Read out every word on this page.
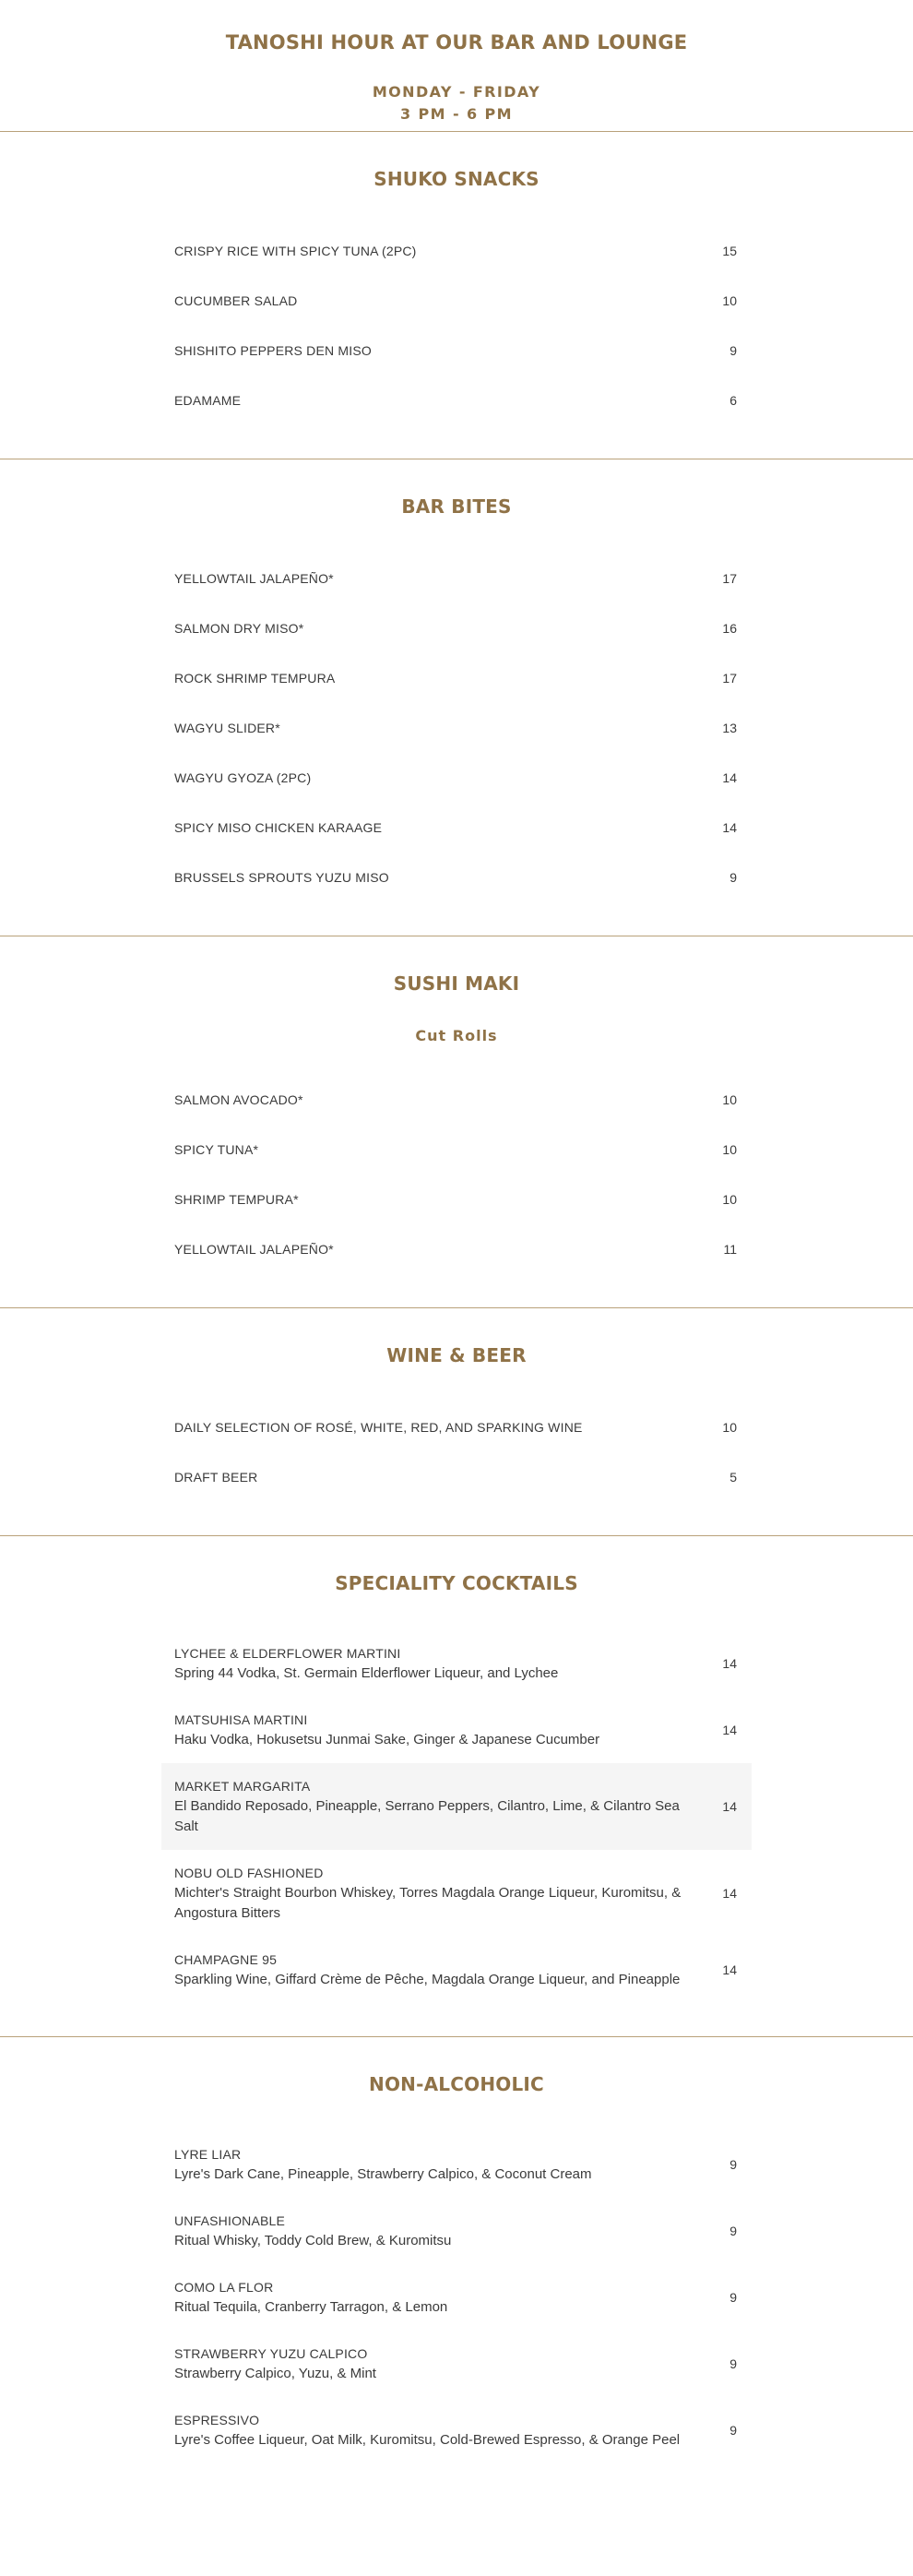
TANOSHI HOUR AT OUR BAR AND LOUNGE
MONDAY - FRIDAY
3 PM - 6 PM
SHUKO SNACKS
CRISPY RICE WITH SPICY TUNA (2PC)	15
CUCUMBER SALAD	10
SHISHITO PEPPERS DEN MISO	9
EDAMAME	6
BAR BITES
YELLOWTAIL JALAPEÑO*	17
SALMON DRY MISO*	16
ROCK SHRIMP TEMPURA	17
WAGYU SLIDER*	13
WAGYU GYOZA (2PC)	14
SPICY MISO CHICKEN KARAAGE	14
BRUSSELS SPROUTS YUZU MISO	9
SUSHI MAKI
Cut Rolls
SALMON AVOCADO*	10
SPICY TUNA*	10
SHRIMP TEMPURA*	10
YELLOWTAIL JALAPEÑO*	11
WINE & BEER
DAILY SELECTION OF ROSÉ, WHITE, RED, AND SPARKING WINE	10
DRAFT BEER	5
SPECIALITY COCKTAILS
LYCHEE & ELDERFLOWER MARTINI
Spring 44 Vodka, St. Germain Elderflower Liqueur, and Lychee
14
MATSUHISA MARTINI
Haku Vodka, Hokusetsu Junmai Sake, Ginger & Japanese Cucumber
14
MARKET MARGARITA
El Bandido Reposado, Pineapple, Serrano Peppers, Cilantro, Lime, & Cilantro Sea Salt
14
NOBU OLD FASHIONED
Michter's Straight Bourbon Whiskey, Torres Magdala Orange Liqueur, Kuromitsu, & Angostura Bitters
14
CHAMPAGNE 95
Sparkling Wine, Giffard Crème de Pêche, Magdala Orange Liqueur, and Pineapple
14
NON-ALCOHOLIC
LYRE LIAR
Lyre's Dark Cane, Pineapple, Strawberry Calpico, & Coconut Cream
9
UNFASHIONABLE
Ritual Whisky, Toddy Cold Brew, & Kuromitsu
9
COMO LA FLOR
Ritual Tequila, Cranberry Tarragon, & Lemon
9
STRAWBERRY YUZU CALPICO
Strawberry Calpico, Yuzu, & Mint
9
ESPRESSIVO
Lyre's Coffee Liqueur, Oat Milk, Kuromitsu, Cold-Brewed Espresso, & Orange Peel
9
